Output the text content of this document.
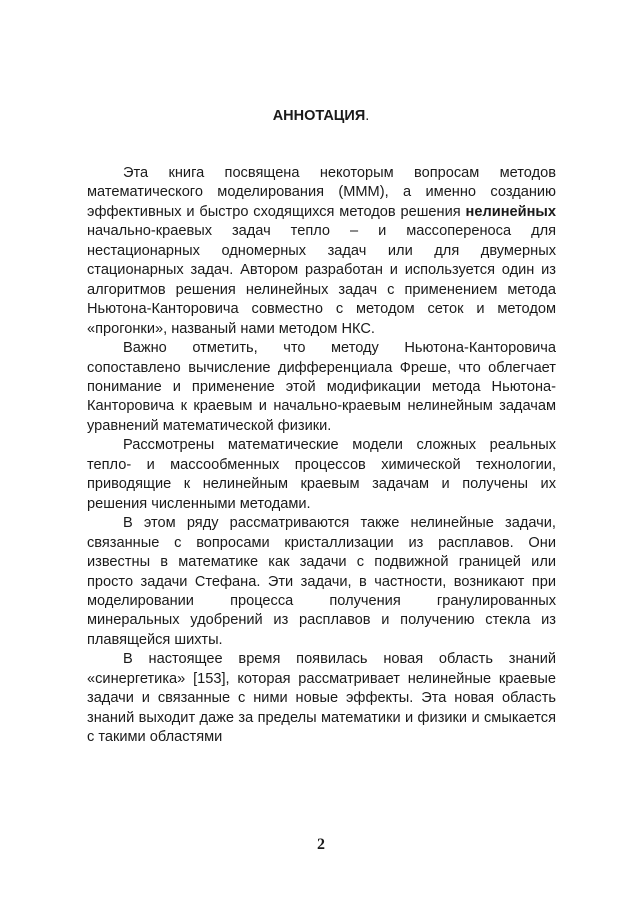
АННОТАЦИЯ.

Эта книга посвящена некоторым вопросам методов математического моделирования (МММ), а именно созданию эффективных и быстро сходящихся методов решения нелинейных начально-краевых задач тепло – и массопереноса для нестационарных одномерных задач или для двумерных стационарных задач. Автором разработан и используется один из алгоритмов решения нелинейных задач с применением метода Ньютона-Канторовича совместно с методом сеток и методом «прогонки», названый нами методом НКС.

Важно отметить, что методу Ньютона-Канторовича сопоставлено вычисление дифференциала Фреше, что облегчает понимание и применение этой модификации метода Ньютона-Канторовича к краевым и начально-краевым нелинейным задачам уравнений математической физики.

Рассмотрены математические модели сложных реальных тепло- и массообменных процессов химической технологии, приводящие к нелинейным краевым задачам и получены их решения численными методами.

В этом ряду рассматриваются также нелинейные задачи, связанные с вопросами кристаллизации из расплавов. Они известны в математике как задачи с подвижной границей или просто задачи Стефана. Эти задачи, в частности, возникают при моделировании процесса получения гранулированных минеральных удобрений из расплавов и получению стекла из плавящейся шихты.

В настоящее время появилась новая область знаний «синергетика» [153], которая рассматривает нелинейные краевые задачи и связанные с ними новые эффекты. Эта новая область знаний выходит даже за пределы математики и физики и смыкается с такими областями

2
